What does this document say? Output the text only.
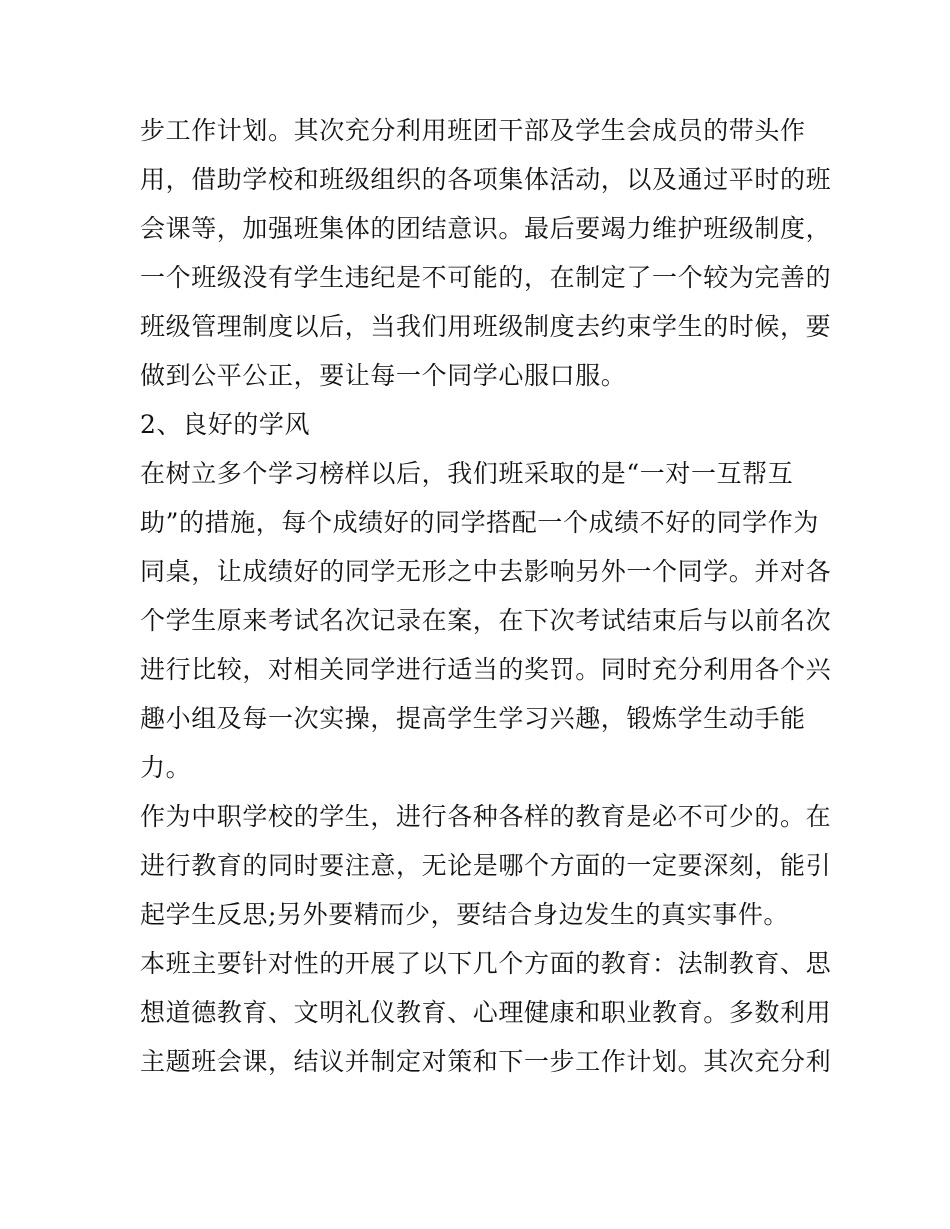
步工作计划。其次充分利用班团干部及学生会成员的带头作
用，借助学校和班级组织的各项集体活动，以及通过平时的班
会课等，加强班集体的团结意识。最后要竭力维护班级制度，
一个班级没有学生违纪是不可能的，在制定了一个较为完善的
班级管理制度以后，当我们用班级制度去约束学生的时候，要
做到公平公正，要让每一个同学心服口服。
2、良好的学风
在树立多个学习榜样以后，我们班采取的是“一对一互帮互
助”的措施，每个成绩好的同学搭配一个成绩不好的同学作为
同桌，让成绩好的同学无形之中去影响另外一个同学。并对各
个学生原来考试名次记录在案，在下次考试结束后与以前名次
进行比较，对相关同学进行适当的奖罚。同时充分利用各个兴
趣小组及每一次实操，提高学生学习兴趣，锻炼学生动手能
力。
作为中职学校的学生，进行各种各样的教育是必不可少的。在
进行教育的同时要注意，无论是哪个方面的一定要深刻，能引
起学生反思;另外要精而少，要结合身边发生的真实事件。
本班主要针对性的开展了以下几个方面的教育：法制教育、思
想道德教育、文明礼仪教育、心理健康和职业教育。多数利用
主题班会课，结议并制定对策和下一步工作计划。其次充分利
